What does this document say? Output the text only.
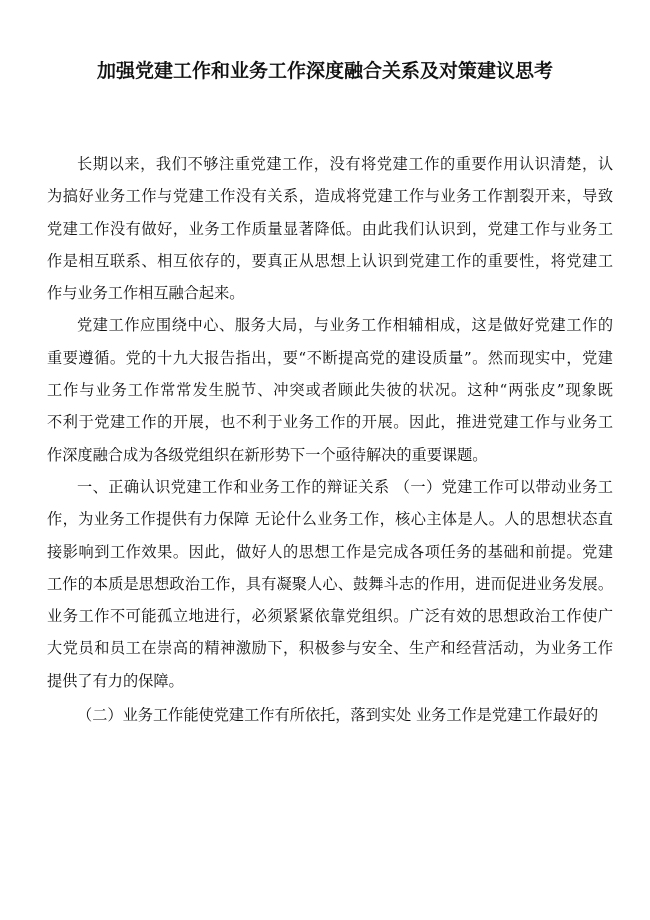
加强党建工作和业务工作深度融合关系及对策建议思考
长期以来，我们不够注重党建工作，没有将党建工作的重要作用认识清楚，认
为搞好业务工作与党建工作没有关系，造成将党建工作与业务工作割裂开来，导致
党建工作没有做好，业务工作质量显著降低。由此我们认识到，党建工作与业务工
作是相互联系、相互依存的，要真正从思想上认识到党建工作的重要性，将党建工
作与业务工作相互融合起来。
党建工作应围绕中心、服务大局，与业务工作相辅相成，这是做好党建工作的
重要遵循。党的十九大报告指出，要“不断提高党的建设质量”。然而现实中，党建
工作与业务工作常常发生脱节、冲突或者顾此失彼的状况。这种“两张皮”现象既
不利于党建工作的开展，也不利于业务工作的开展。因此，推进党建工作与业务工
作深度融合成为各级党组织在新形势下一个亟待解决的重要课题。
一、正确认识党建工作和业务工作的辩证关系 （一）党建工作可以带动业务工
作，为业务工作提供有力保障 无论什么业务工作，核心主体是人。人的思想状态直
接影响到工作效果。因此，做好人的思想工作是完成各项任务的基础和前提。党建
工作的本质是思想政治工作，具有凝聚人心、鼓舞斗志的作用，进而促进业务发展。
业务工作不可能孤立地进行，必须紧紧依靠党组织。广泛有效的思想政治工作使广
大党员和员工在崇高的精神激励下，积极参与安全、生产和经营活动，为业务工作
提供了有力的保障。
（二）业务工作能使党建工作有所依托，落到实处 业务工作是党建工作最好的
